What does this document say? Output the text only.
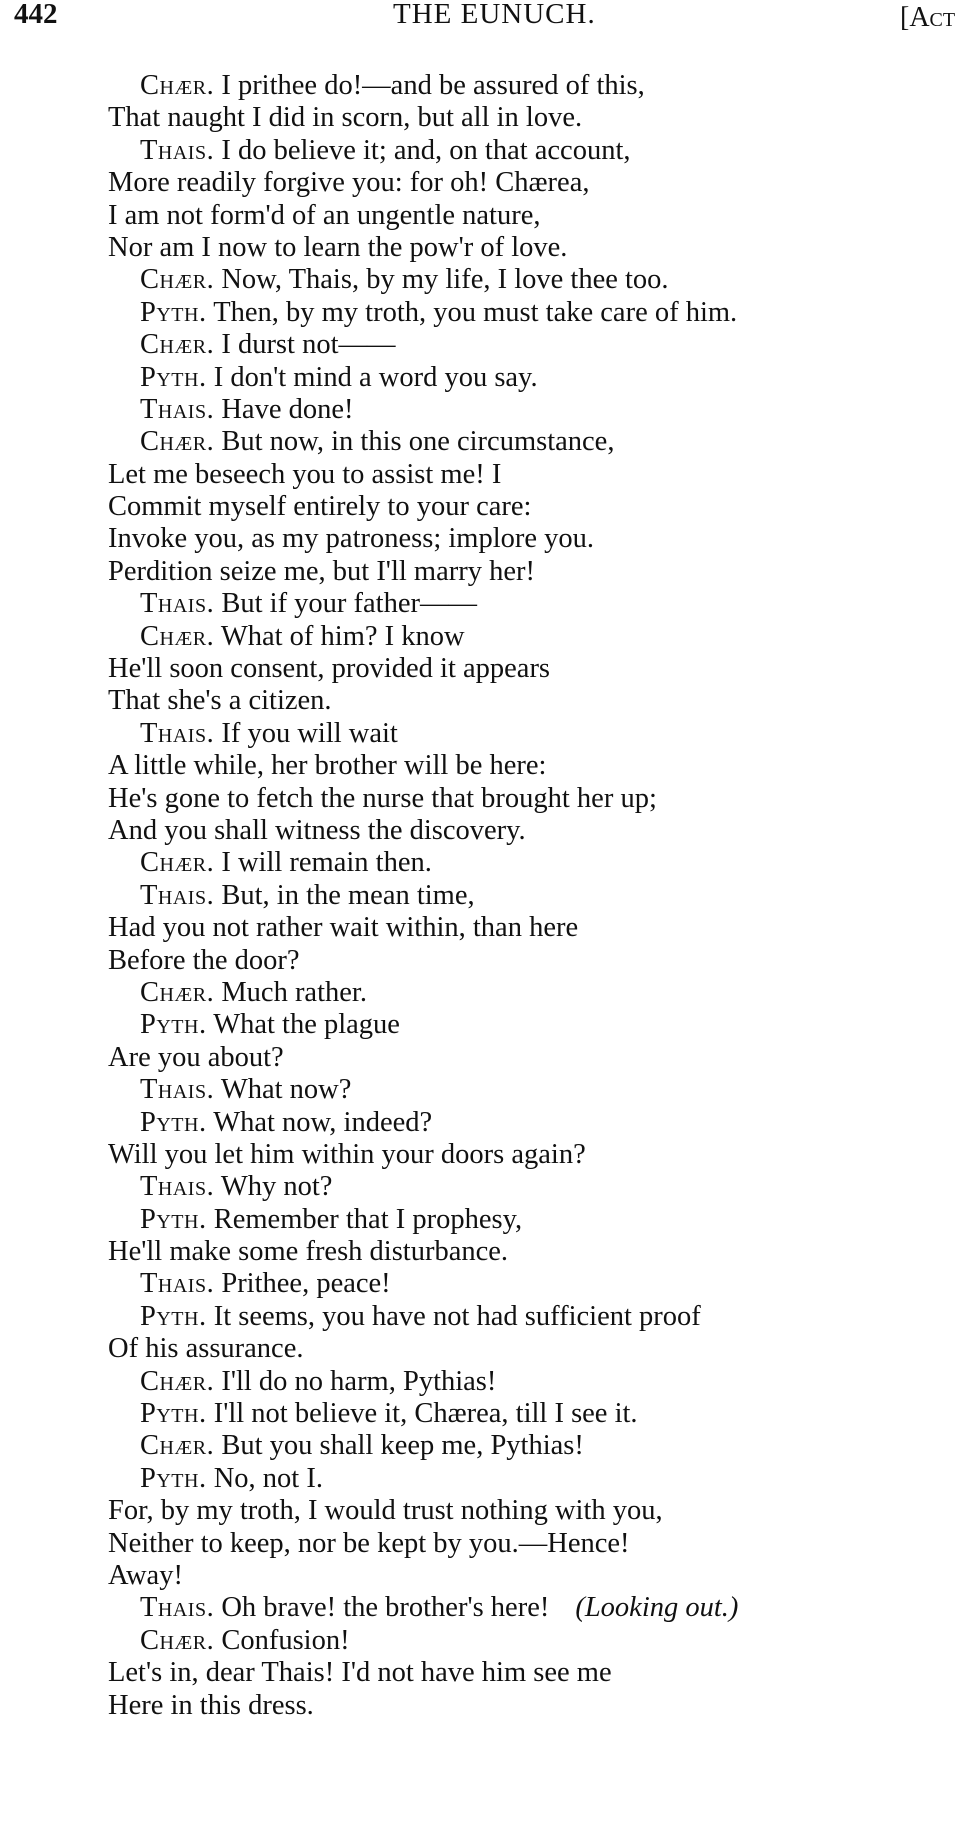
442	THE EUNUCH.	[Act
Chær. I prithee do!—and be assured of this,
That naught I did in scorn, but all in love.
Thais. I do believe it; and, on that account,
More readily forgive you: for oh! Chærea,
I am not form'd of an ungentle nature,
Nor am I now to learn the pow'r of love.
Chær. Now, Thais, by my life, I love thee too.
Pyth. Then, by my troth, you must take care of him.
Chær. I durst not——
Pyth. I don't mind a word you say.
Thais. Have done!
Chær. But now, in this one circumstance,
Let me beseech you to assist me! I
Commit myself entirely to your care:
Invoke you, as my patroness; implore you.
Perdition seize me, but I'll marry her!
Thais. But if your father——
Chær. What of him? I know
He'll soon consent, provided it appears
That she's a citizen.
Thais. If you will wait
A little while, her brother will be here:
He's gone to fetch the nurse that brought her up;
And you shall witness the discovery.
Chær. I will remain then.
Thais. But, in the mean time,
Had you not rather wait within, than here
Before the door?
Chær. Much rather.
Pyth. What the plague
Are you about?
Thais. What now?
Pyth. What now, indeed?
Will you let him within your doors again?
Thais. Why not?
Pyth. Remember that I prophesy,
He'll make some fresh disturbance.
Thais. Prithee, peace!
Pyth. It seems, you have not had sufficient proof
Of his assurance.
Chær. I'll do no harm, Pythias!
Pyth. I'll not believe it, Chærea, till I see it.
Chær. But you shall keep me, Pythias!
Pyth. No, not I.
For, by my troth, I would trust nothing with you,
Neither to keep, nor be kept by you.—Hence!
Away!
Thais. Oh brave! the brother's here! (Looking out.)
Chær. Confusion!
Let's in, dear Thais! I'd not have him see me
Here in this dress.
